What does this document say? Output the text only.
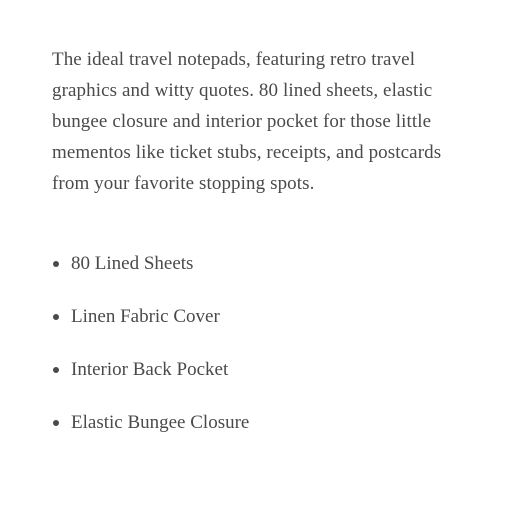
The ideal travel notepads, featuring retro travel graphics and witty quotes. 80 lined sheets, elastic bungee closure and interior pocket for those little mementos like ticket stubs, receipts, and postcards from your favorite stopping spots.

80 Lined Sheets
Linen Fabric Cover
Interior Back Pocket
Elastic Bungee Closure
